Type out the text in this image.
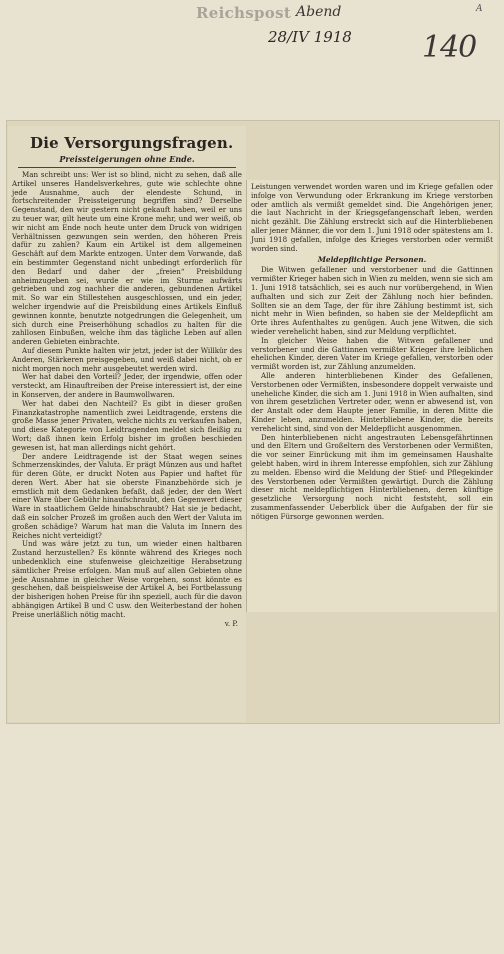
Reichspost Abend
28/IV 1918 140
A
Die Versorgungsfragen.
Preissteigerungen ohne Ende.

Man schreibt uns: Wer ist so blind, nicht zu sehen, daß alle Artikel unseres Handelsverkehres, gute wie schlechte ohne jede Ausnahme, auch der elendeste Schund, in fortschreitender Preissteigerung begriffen sind? Derselbe Gegenstand, den wir gestern nicht gekauft haben, weil er uns zu teuer war, gilt heute um eine Krone mehr, und wer weiß, ob wir nicht am Ende noch heute unter dem Druck von widrigen Verhältnissen gezwungen sein werden, den höheren Preis dafür zu zahlen? Kaum ein Artikel ist dem allgemeinen Geschäft auf dem Markte entzogen. Unter dem Vorwande, daß ein bestimmter Gegenstand nicht unbedingt erforderlich für den Bedarf und daher der „freien“ Preisbildung anheimzugeben sei, wurde er wie im Sturme aufwärts getrieben und zog nachher die anderen, gebundenen Artikel mit. So war ein Stillestehen ausgeschlossen, und ein jeder, welcher irgendwie auf die Preisbildung eines Artikels Einfluß gewinnen konnte, benutzte notgedrungen die Gelegenheit, um sich durch eine Preiserhöhung schadlos zu halten für die zahllosen Einbußen, welche ihm das tägliche Leben auf allen anderen Gebieten einbrachte.

Auf diesem Punkte halten wir jetzt, jeder ist der Willkür des Anderen, Stärkeren preisgegeben, und weiß dabei nicht, ob er nicht morgen noch mehr ausgebeutet werden wird.

Wer hat dabei den Vorteil? Jeder, der irgendwie, offen oder versteckt, am Hinauftreiben der Preise interessiert ist, der eine in Konserven, der andere in Baumwollwaren.

Wer hat dabei den Nachteil? Es gibt in dieser großen Finanzkatastrophe namentlich zwei Leidtragende, erstens die große Masse jener Privaten, welche nichts zu verkaufen haben, und diese Kategorie von Leidtragenden meldet sich fleißig zu Wort; daß ihnen kein Erfolg bisher im großen beschieden gewesen ist, hat man allerdings nicht gehört.

Der andere Leidtragende ist der Staat wegen seines Schmerzenskindes, der Valuta. Er prägt Münzen aus und haftet für deren Güte, er druckt Noten aus Papier und haftet für deren Wert. Aber hat sie oberste Finanzbehörde sich je ernstlich mit dem Gedanken befaßt, daß jeder, der den Wert einer Ware über Gebühr hinaufschraubt, den Gegenwert dieser Ware in staatlichem Gelde hinabschraubt? Hat sie je bedacht, daß ein solcher Prozeß im großen auch den Wert der Valuta im großen schädige? Warum hat man die Valuta im Innern des Reiches nicht verteidigt?

Und was wäre jetzt zu tun, um wieder einen haltbaren Zustand herzustellen? Es könnte während des Krieges noch unbedenklich eine stufenweise gleichzeitige Herabsetzung sämtlicher Preise erfolgen. Man muß auf allen Gebieten ohne jede Ausnahme in gleicher Weise vorgehen, sonst könnte es geschehen, daß beispielsweise der Artikel A, bei Fortbelassung der bisherigen hohen Preise für ihn speziell, auch für die davon abhängigen Artikel B und C usw. den Weiterbestand der hohen Preise unerläßlich nötig macht.

v. P.

Leistungen verwendet worden waren und im Kriege gefallen oder infolge von Verwundung oder Erkrankung im Kriege verstorben oder amtlich als vermißt gemeldet sind. Die Angehörigen jener, die laut Nachricht in der Kriegsgefangenschaft leben, werden nicht gezählt. Die Zählung erstreckt sich auf die Hinterbliebenen aller jener Männer, die vor dem 1. Juni 1918 oder spätestens am 1. Juni 1918 gefallen, infolge des Krieges verstorben oder vermißt worden sind.

Meldepflichtige Personen.

Die Witwen gefallener und verstorbener und die Gattinnen vermißter Krieger haben sich in Wien zu melden, wenn sie sich am 1. Juni 1918 tatsächlich, sei es auch nur vorübergehend, in Wien aufhalten und sich zur Zeit der Zählung noch hier befinden. Sollten sie an dem Tage, der für ihre Zählung bestimmt ist, sich nicht mehr in Wien befinden, so haben sie der Meldepflicht am Orte ihres Aufenthaltes zu genügen. Auch jene Witwen, die sich wieder verehelicht haben, sind zur Meldung verpflichtet.

In gleicher Weise haben die Witwen gefallener und verstorbener und die Gattinnen vermißter Krieger ihre leiblichen ehelichen Kinder, deren Vater im Kriege gefallen, verstorben oder vermißt worden ist, zur Zählung anzumelden.

Alle anderen hinterbliebenen Kinder des Gefallenen, Verstorbenen oder Vermißten, insbesondere doppelt verwaiste und uneheliche Kinder, die sich am 1. Juni 1918 in Wien aufhalten, sind von ihrem gesetzlichen Vertreter oder, wenn er abwesend ist, von der Anstalt oder dem Haupte jener Familie, in deren Mitte die Kinder leben, anzumelden. Hinterbliebene Kinder, die bereits verehelicht sind, sind von der Meldepflicht ausgenommen.

Den hinterbliebenen nicht angestrauten Lebensgefährtinnen und den Eltern und Großeltern des Verstorbenen oder Vermißten, die vor seiner Einrückung mit ihm im gemeinsamen Haushalte gelebt haben, wird in ihrem Interesse empfohlen, sich zur Zählung zu melden. Ebenso wird die Meldung der Stief- und Pflegekinder des Verstorbenen oder Vermißten gewärtigt. Durch die Zählung dieser nicht meldepflichtigen Hinterbliebenen, deren künftige gesetzliche Versorgung noch nicht feststeht, soll ein zusammenfassender Ueberblick über die Aufgaben der für sie nötigen Fürsorge gewonnen werden.
